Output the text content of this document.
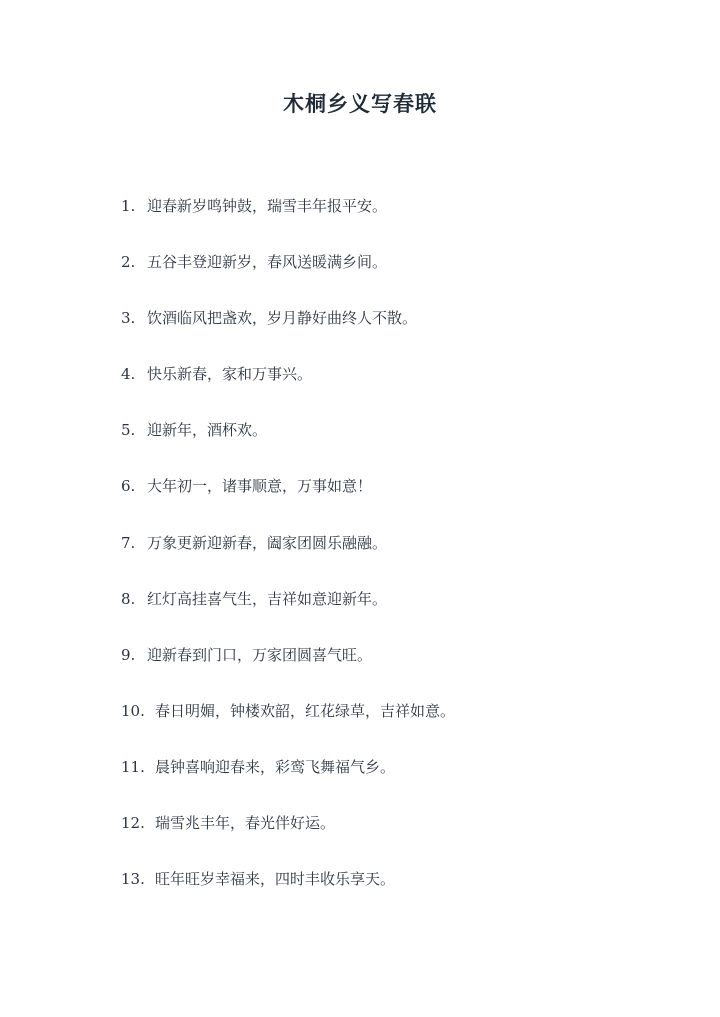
木桐乡义写春联
1. 迎春新岁鸣钟鼓，瑞雪丰年报平安。
2. 五谷丰登迎新岁，春风送暖满乡间。
3. 饮酒临风把盏欢，岁月静好曲终人不散。
4. 快乐新春，家和万事兴。
5. 迎新年，酒杯欢。
6. 大年初一，诸事顺意，万事如意！
7. 万象更新迎新春，阖家团圆乐融融。
8. 红灯高挂喜气生，吉祥如意迎新年。
9. 迎新春到门口，万家团圆喜气旺。
10. 春日明媚，钟楼欢韶，红花绿草，吉祥如意。
11. 晨钟喜响迎春来，彩鸾飞舞福气乡。
12. 瑞雪兆丰年，春光伴好运。
13. 旺年旺岁幸福来，四时丰收乐享天。
